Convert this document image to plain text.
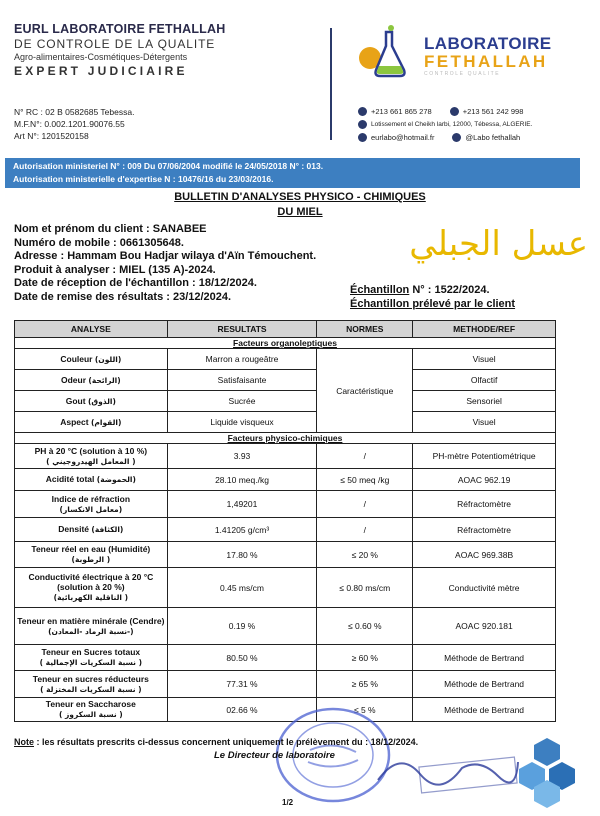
EURL LABORATOIRE FETHALLAH
DE CONTROLE DE LA QUALITE
Agro-alimentaires-Cosmétiques-Détergents
EXPERT JUDICIAIRE
LABORATOIRE
FETHALLAH
CONTROLE QUALITE
N° RC : 02 B 0582685 Tebessa.
M.F.N°: 0.002.1201.90076.55
Art N°: 1201520158
+213 661 865 278	+213 561 242 998
Lotissement el Cheikh larbi, 12000, Tébessa, ALGERIE.
eurlabo@hotmail.fr	@Labo fethallah
Autorisation ministeriel N° : 009 Du 07/06/2004 modifié le 24/05/2018 N° : 013.
Autorisation ministerielle d'expertise N : 10476/16 du 23/03/2016.
BULLETIN D'ANALYSES PHYSICO - CHIMIQUES
DU MIEL
Nom et prénom du client : SANABEE
Numéro de mobile : 0661305648.
Adresse : Hammam Bou Hadjar wilaya d'Aïn Témouchent.
Produit à analyser : MIEL (135 A)-2024.
Date de réception de l'échantillon : 18/12/2024.
Date de remise des résultats : 23/12/2024.
Échantillon N° : 1522/2024.
Échantillon prélevé par le client
عسل الجبلي
ANALYSE	RESULTATS	NORMES	METHODE/REF
Facteurs organoleptiques			
Couleur (اللون)	Marron a rougeâtre	Caractéristique	Visuel
Odeur (الرائحة)	Satisfaisante		Olfactif
Gout (الذوق)	Sucrée		Sensoriel
Aspect (القوام)	Liquide visqueux		Visuel
Facteurs physico-chimiques			
PH à 20 °C (solution à 10 %)
( المعامل الهيدروجيني )	3.93	/	PH-mètre Potentiométrique
Acidité total (الحموضة)	28.10 meq./kg	≤ 50 meq /kg	AOAC 962.19
Indice de réfraction
(معامل الانكسار)	1,49201	/	Réfractomètre
Densité (الكثافة)	1.41205 g/cm³	/	Réfractomètre
Teneur réel en eau (Humidité)
(الرطوبة )	17.80 %	≤ 20 %	AOAC 969.38B
Conductivité électrique à 20 °C (solution à 20 %)
(الناقلية الكهربائية )	0.45 ms/cm	≤ 0.80 ms/cm	Conductivité mètre
Teneur en matière minérale (Cendre)
(نسبة الرماد -المعادن-)	0.19 %	≤ 0.60 %	AOAC 920.181
Teneur en Sucres totaux
( نسبة السكريات الإجمالية )	80.50 %	≥ 60 %	Méthode de Bertrand
Teneur en sucres réducteurs
( نسبة السكريات المختزلة )	77.31 %	≥ 65 %	Méthode de Bertrand
Teneur en Saccharose
( نسبة السكروز )	02.66 %	≤ 5 %	Méthode de Bertrand
Note : les résultats prescrits ci-dessus concernent uniquement le prélèvement du : 18/12/2024.
Le Directeur de laboratoire
1/2
